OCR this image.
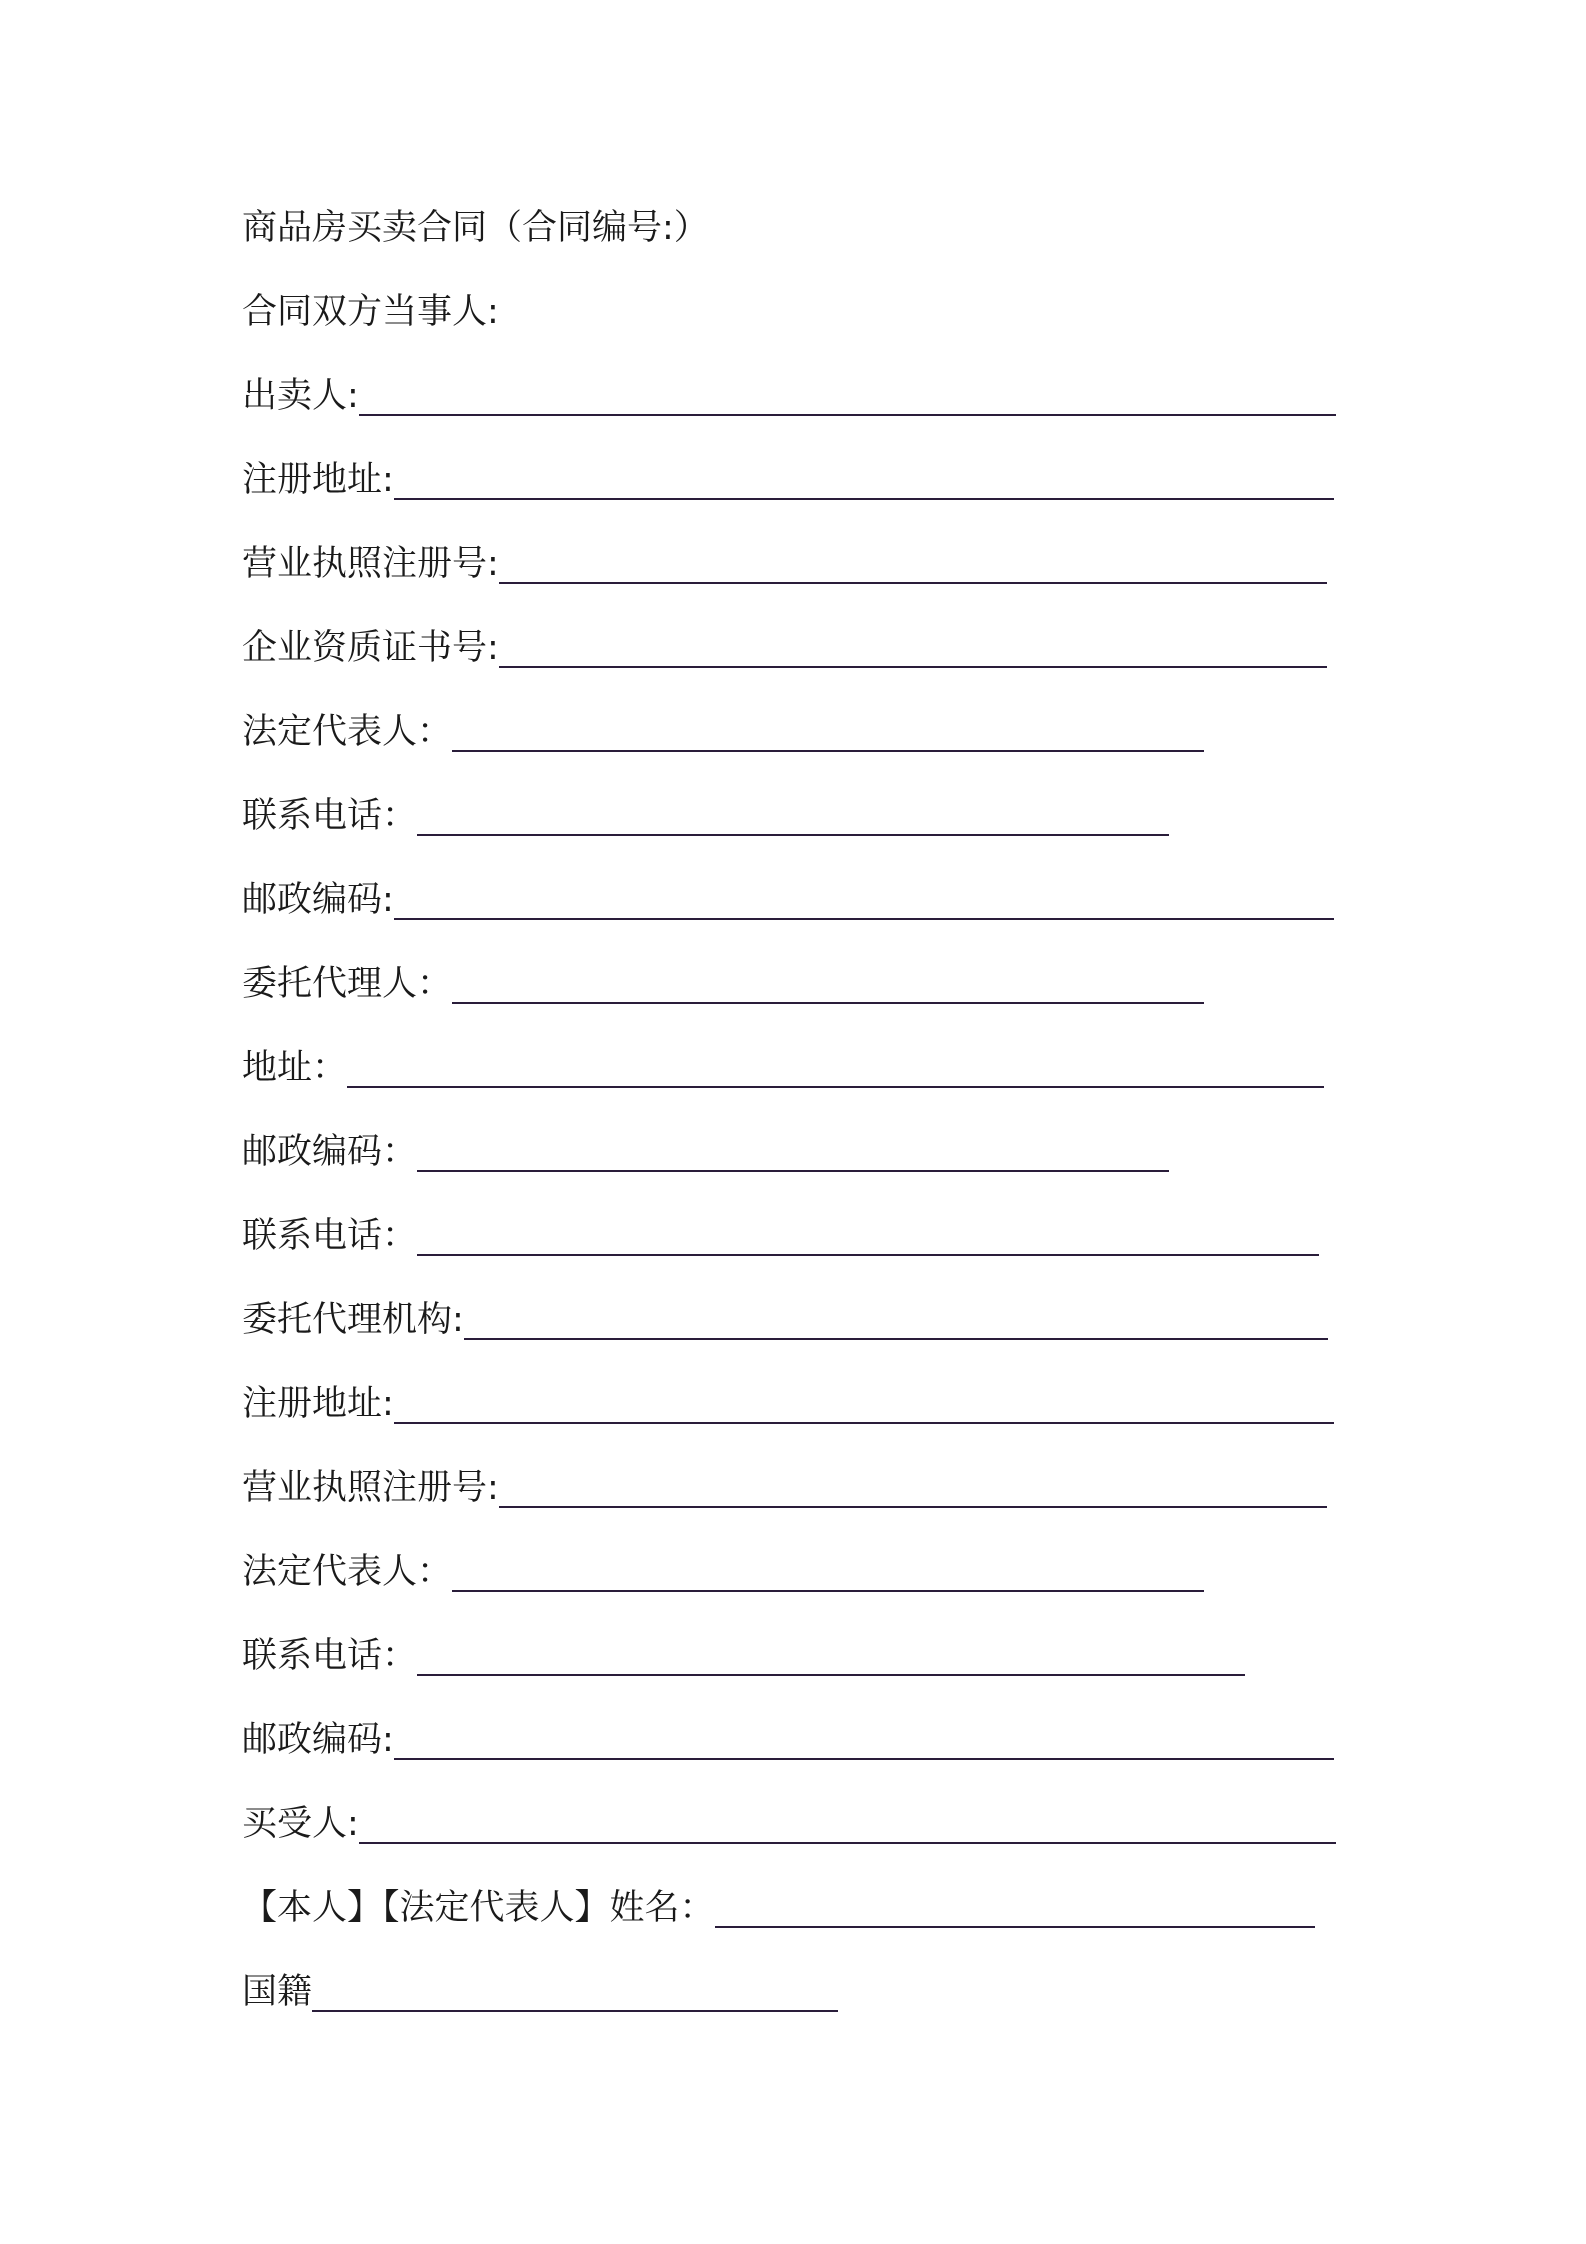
商品房买卖合同（合同编号:）
合同双方当事人:
出卖人:
注册地址:
营业执照注册号:
企业资质证书号:
法定代表人：
联系电话：
邮政编码:
委托代理人：
地址：
邮政编码：
联系电话：
委托代理机构:
注册地址:
营业执照注册号:
法定代表人：
联系电话：
邮政编码:
买受人:
【本人】【法定代表人】姓名：
国籍
